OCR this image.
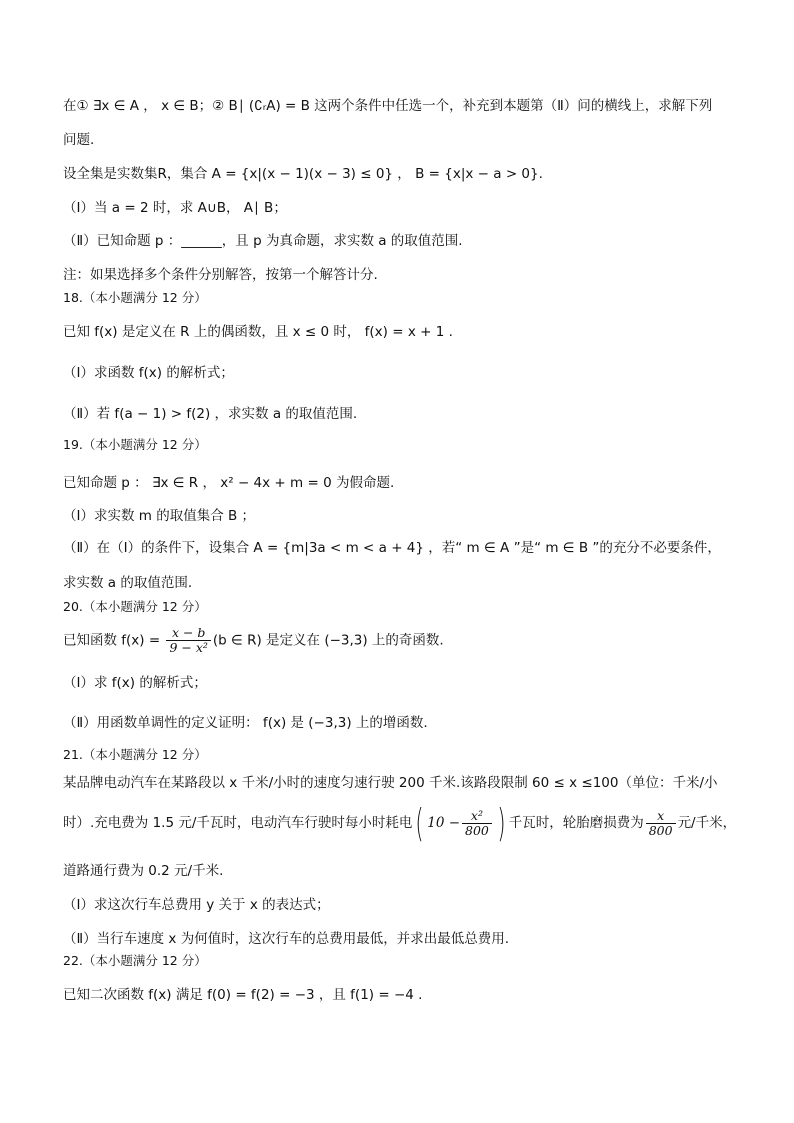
在① ∃x ∈ A ， x ∈ B；② B∣ (∁ᵣA) = B 这两个条件中任选一个，补充到本题第（Ⅱ）问的横线上，求解下列
问题.
设全集是实数集R，集合 A = {x|(x − 1)(x − 3) ≤ 0} ， B = {x|x − a > 0}.
（Ⅰ）当 a = 2 时，求 A∪B， A∣ B；
（Ⅱ）已知命题 p ：______，且 p 为真命题，求实数 a 的取值范围.
注：如果选择多个条件分别解答，按第一个解答计分.
18.（本小题满分 12 分）
已知 f(x) 是定义在 R 上的偶函数，且 x ≤ 0 时， f(x) = x + 1 .
（Ⅰ）求函数 f(x) 的解析式；
（Ⅱ）若 f(a − 1) > f(2) ，求实数 a 的取值范围.
19.（本小题满分 12 分）
已知命题 p ： ∃x ∈ R ， x² − 4x + m = 0 为假命题.
（Ⅰ）求实数 m 的取值集合 B ；
（Ⅱ）在（Ⅰ）的条件下，设集合 A = {m|3a < m < a + 4} ，若“ m ∈ A ”是“ m ∈ B ”的充分不必要条件，
求实数 a 的取值范围.
20.（本小题满分 12 分）
（Ⅰ）求 f(x) 的解析式；
（Ⅱ）用函数单调性的定义证明： f(x) 是 (−3,3) 上的增函数.
21.（本小题满分 12 分）
某品牌电动汽车在某路段以 x 千米/小时的速度匀速行驶 200 千米.该路段限制 60 ≤ x ≤100（单位：千米/小
道路通行费为 0.2 元/千米.
（Ⅰ）求这次行车总费用 y 关于 x 的表达式；
（Ⅱ）当行车速度 x 为何值时，这次行车的总费用最低，并求出最低总费用.
22.（本小题满分 12 分）
已知二次函数 f(x) 满足 f(0) = f(2) = −3 ，且 f(1) = −4 .
已知函数 $f(x) = \frac{x - b}{\text{9 − x²}} (b$ ∈ R) 是定义在 (−3,3) 上的奇函数.
时）.充电费为 1.5 元/千瓦时，电动汽车行驶时每小时耗电( $10 - \frac{\text{x²}}{800}$ ) 千瓦时，轮胎磨损费为 $\frac{x}{800}$ 元/千米，
